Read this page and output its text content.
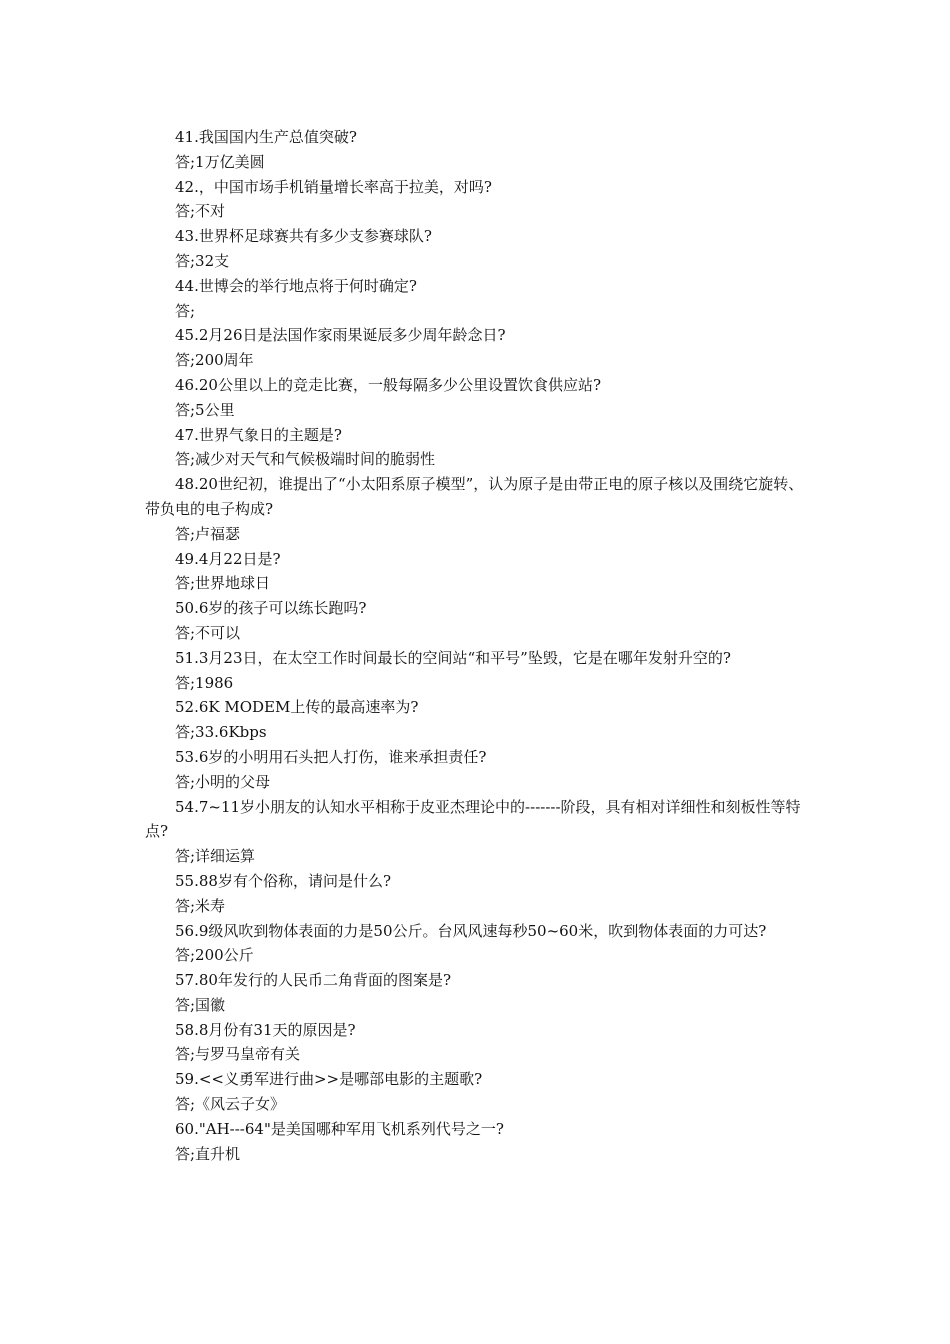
41.我国国内生产总值突破?

答;1万亿美圆

42.，中国市场手机销量增长率高于拉美，对吗?

答;不对

43.世界杯足球赛共有多少支参赛球队?

答;32支

44.世博会的举行地点将于何时确定?

答;

45.2月26日是法国作家雨果诞辰多少周年龄念日?

答;200周年

46.20公里以上的竞走比赛，一般每隔多少公里设置饮食供应站?

答;5公里

47.世界气象日的主题是?

答;减少对天气和气候极端时间的脆弱性

48.20世纪初，谁提出了“小太阳系原子模型”，认为原子是由带正电的原子核以及围绕它旋转、带负电的电子构成?

答;卢福瑟

49.4月22日是?

答;世界地球日

50.6岁的孩子可以练长跑吗?

答;不可以

51.3月23日，在太空工作时间最长的空间站“和平号”坠毁，它是在哪年发射升空的?

答;1986

52.6K MODEM上传的最高速率为?

答;33.6Kbps

53.6岁的小明用石头把人打伤，谁来承担责任?

答;小明的父母

54.7~11岁小朋友的认知水平相称于皮亚杰理论中的-------阶段，具有相对详细性和刻板性等特点?

答;详细运算

55.88岁有个俗称，请问是什么?

答;米寿

56.9级风吹到物体表面的力是50公斤。台风风速每秒50~60米，吹到物体表面的力可达?

答;200公斤

57.80年发行的人民币二角背面的图案是?

答;国徽

58.8月份有31天的原因是?

答;与罗马皇帝有关

59.<<义勇军进行曲>>是哪部电影的主题歌?

答;《风云子女》

60."AH---64"是美国哪种军用飞机系列代号之一?

答;直升机
